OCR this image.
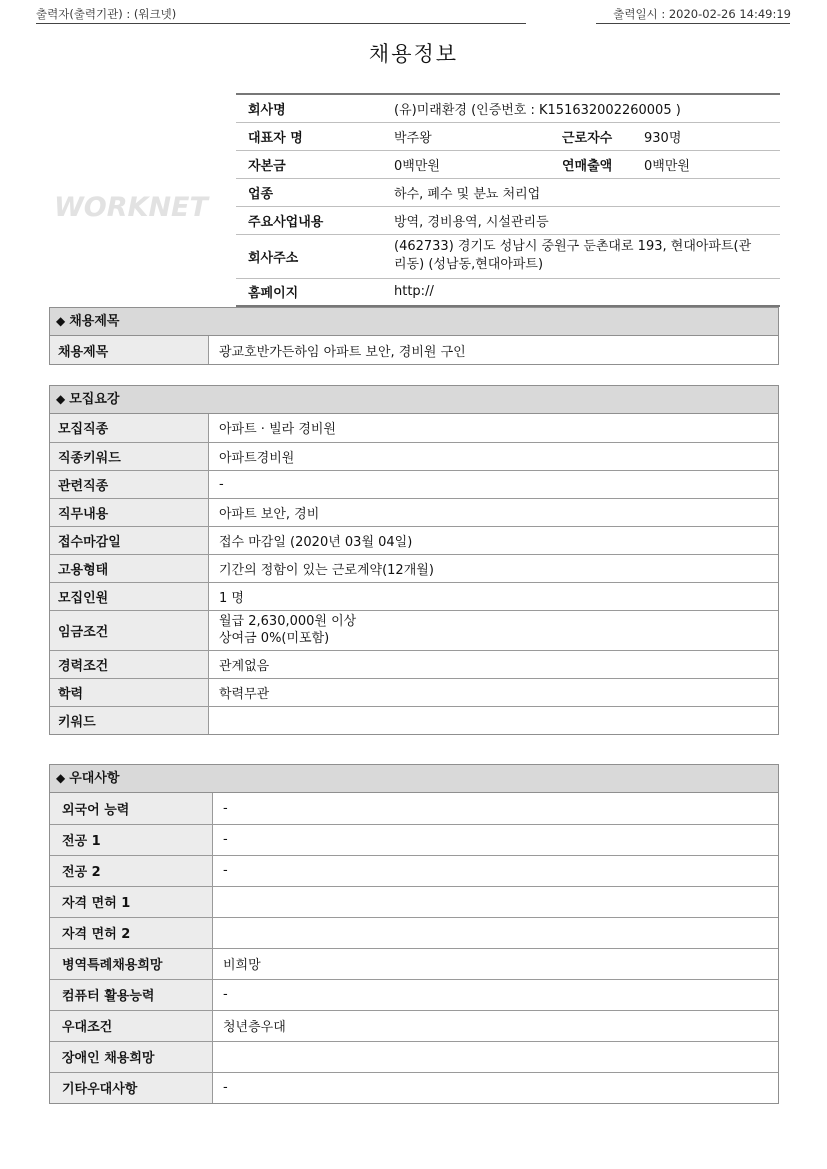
출력자(출력기관) : (워크넷)	출력일시 : 2020-02-26 14:49:19
채용정보
WORKNET
회사명	(유)미래환경 (인증번호 : K151632002260005 )		
대표자 명	박주왕	근로자수	930명
자본금	0백만원	연매출액	0백만원
업종	하수, 폐수 및 분뇨 처리업		
주요사업내용	방역, 경비용역, 시설관리등		
회사주소	(462733) 경기도 성남시 중원구 둔촌대로 193, 현대아파트(관
리동) (성남동,현대아파트)		

홈페이지	http://		
◆ 채용제목
채용제목	광교호반가든하임 아파트 보안, 경비원 구인
◆ 모집요강
모집직종	아파트 · 빌라 경비원
직종키워드	아파트경비원
관련직종	-
직무내용	아파트 보안, 경비
접수마감일	접수 마감일 (2020년 03월 04일)
고용형태	기간의 정함이 있는 근로계약(12개월)
모집인원	1 명
임금조건	월급 2,630,000원 이상
상여금 0%(미포함)

경력조건	관계없음
학력	학력무관
키워드	
◆ 우대사항
외국어 능력	-
전공 1	-
전공 2	-
자격 면허 1	
자격 면허 2	
병역특례채용희망	비희망
컴퓨터 활용능력	-
우대조건	청년층우대
장애인 채용희망	
기타우대사항	-
